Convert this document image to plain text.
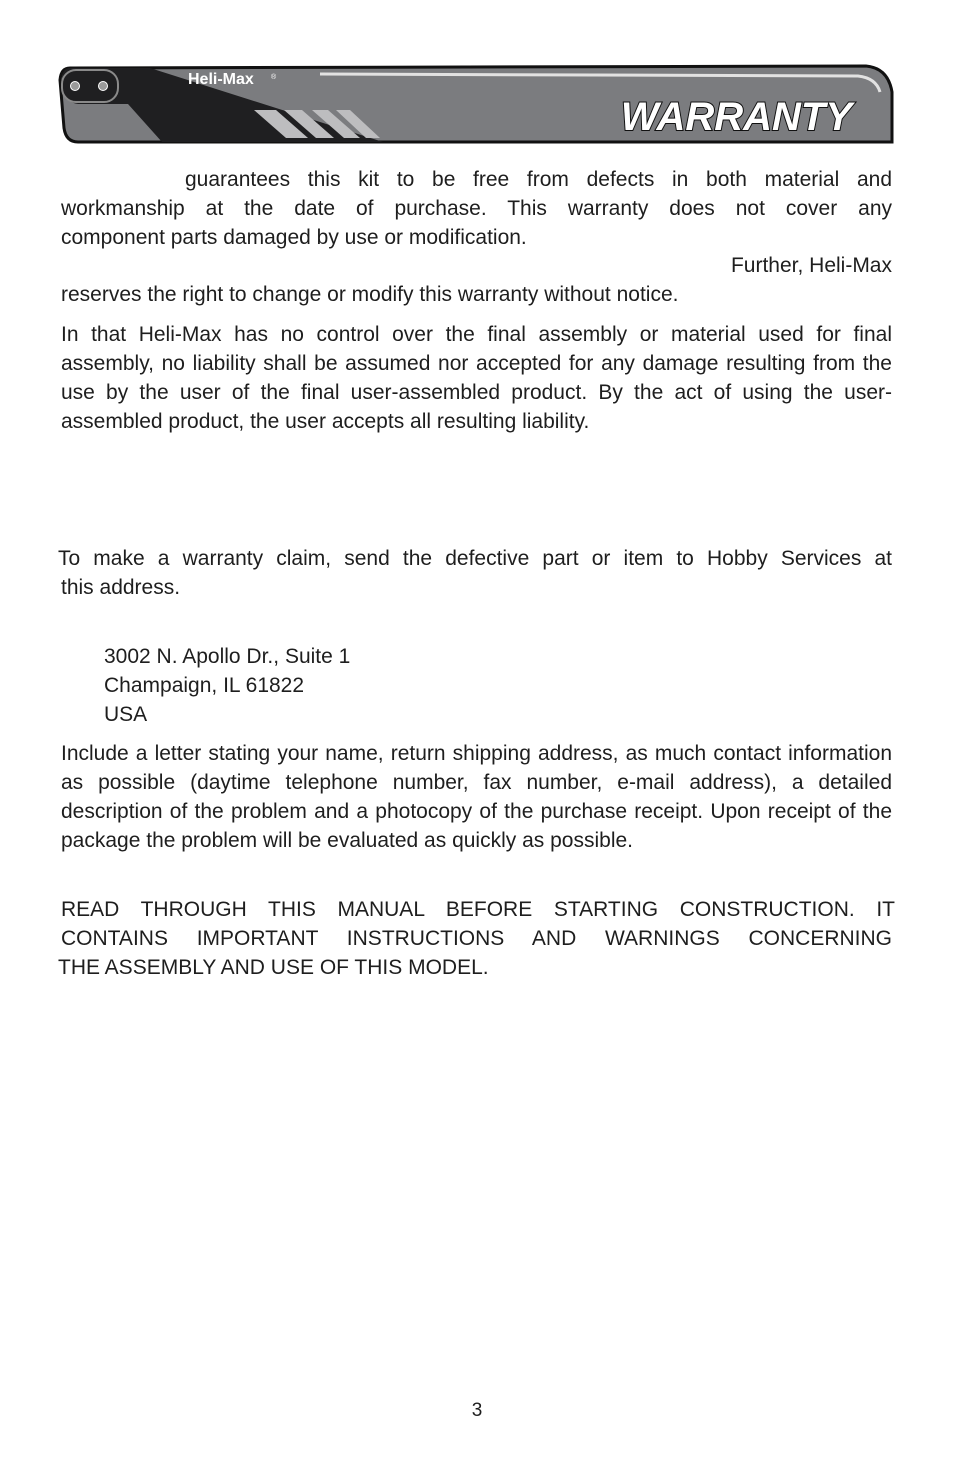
Heli-Max ®
WARRANTY

guarantees this kit to be free from defects in both material and

workmanship at the date of purchase. This warranty does not cover any

component parts damaged by use or modification.

Further, Heli-Max

reserves the right to change or modify this warranty without notice.

In that Heli-Max has no control over the final assembly or material used for final assembly, no liability shall be assumed nor accepted for any damage resulting from the use by the user of the final user-assembled product. By the act of using the user-assembled product, the user accepts all resulting liability.

To make a warranty claim, send the defective part or item to Hobby Services at

this address.

3002 N. Apollo Dr., Suite 1
Champaign, IL 61822
USA

Include a letter stating your name, return shipping address, as much contact information as possible (daytime telephone number, fax number, e-mail address), a detailed description of the problem and a photocopy of the purchase receipt. Upon receipt of the package the problem will be evaluated as quickly as possible.

READ THROUGH THIS MANUAL BEFORE STARTING CONSTRUCTION. IT

CONTAINS IMPORTANT INSTRUCTIONS AND WARNINGS CONCERNING

THE ASSEMBLY AND USE OF THIS MODEL.

3
